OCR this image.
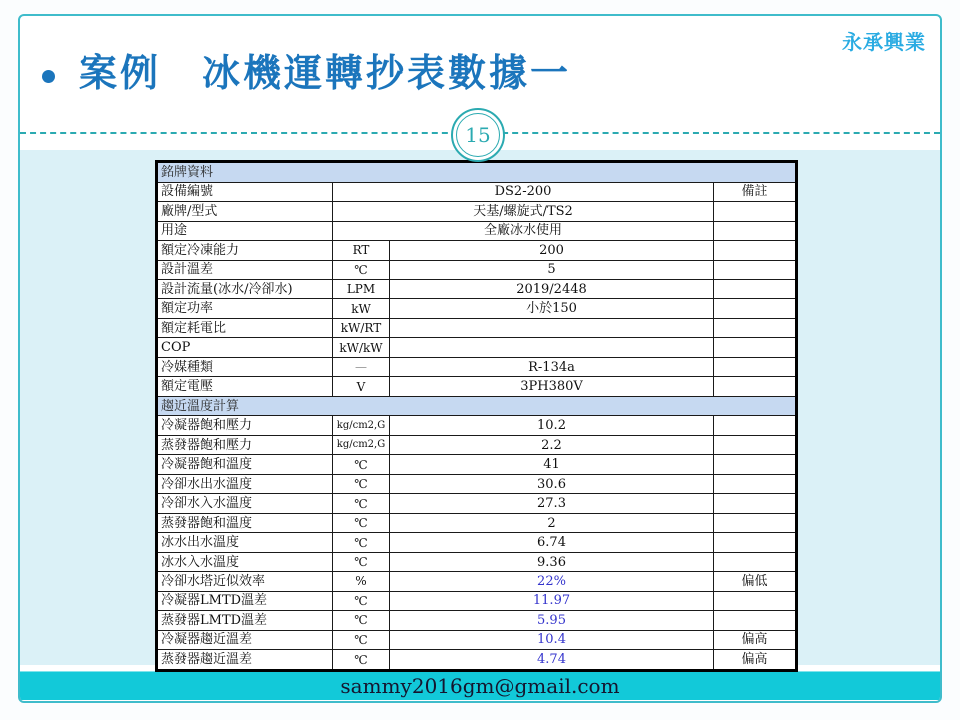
永承興業
案例　冰機運轉抄表數據一
15
銘牌資料			
設備編號	DS2-200		備註
廠牌/型式	天基/螺旋式/TS2		
用途	全廠冰水使用		
額定冷凍能力	RT	200	
設計溫差	℃	5	
設計流量(冰水/冷卻水)	LPM	2019/2448	
額定功率	kW	小於150	
額定耗電比	kW/RT		
COP	kW/kW		
冷媒種類	—	R-134a	
額定電壓	V	3PH380V	
趨近溫度計算			
冷凝器飽和壓力	kg/cm2,G	10.2	
蒸發器飽和壓力	kg/cm2,G	2.2	
冷凝器飽和溫度	℃	41	
冷卻水出水溫度	℃	30.6	
冷卻水入水溫度	℃	27.3	
蒸發器飽和溫度	℃	2	
冰水出水溫度	℃	6.74	
冰水入水溫度	℃	9.36	
冷卻水塔近似效率	%	22%	偏低
冷凝器LMTD溫差	℃	11.97	
蒸發器LMTD溫差	℃	5.95	
冷凝器趨近溫差	℃	10.4	偏高
蒸發器趨近溫差	℃	4.74	偏高
sammy2016gm@gmail.com
